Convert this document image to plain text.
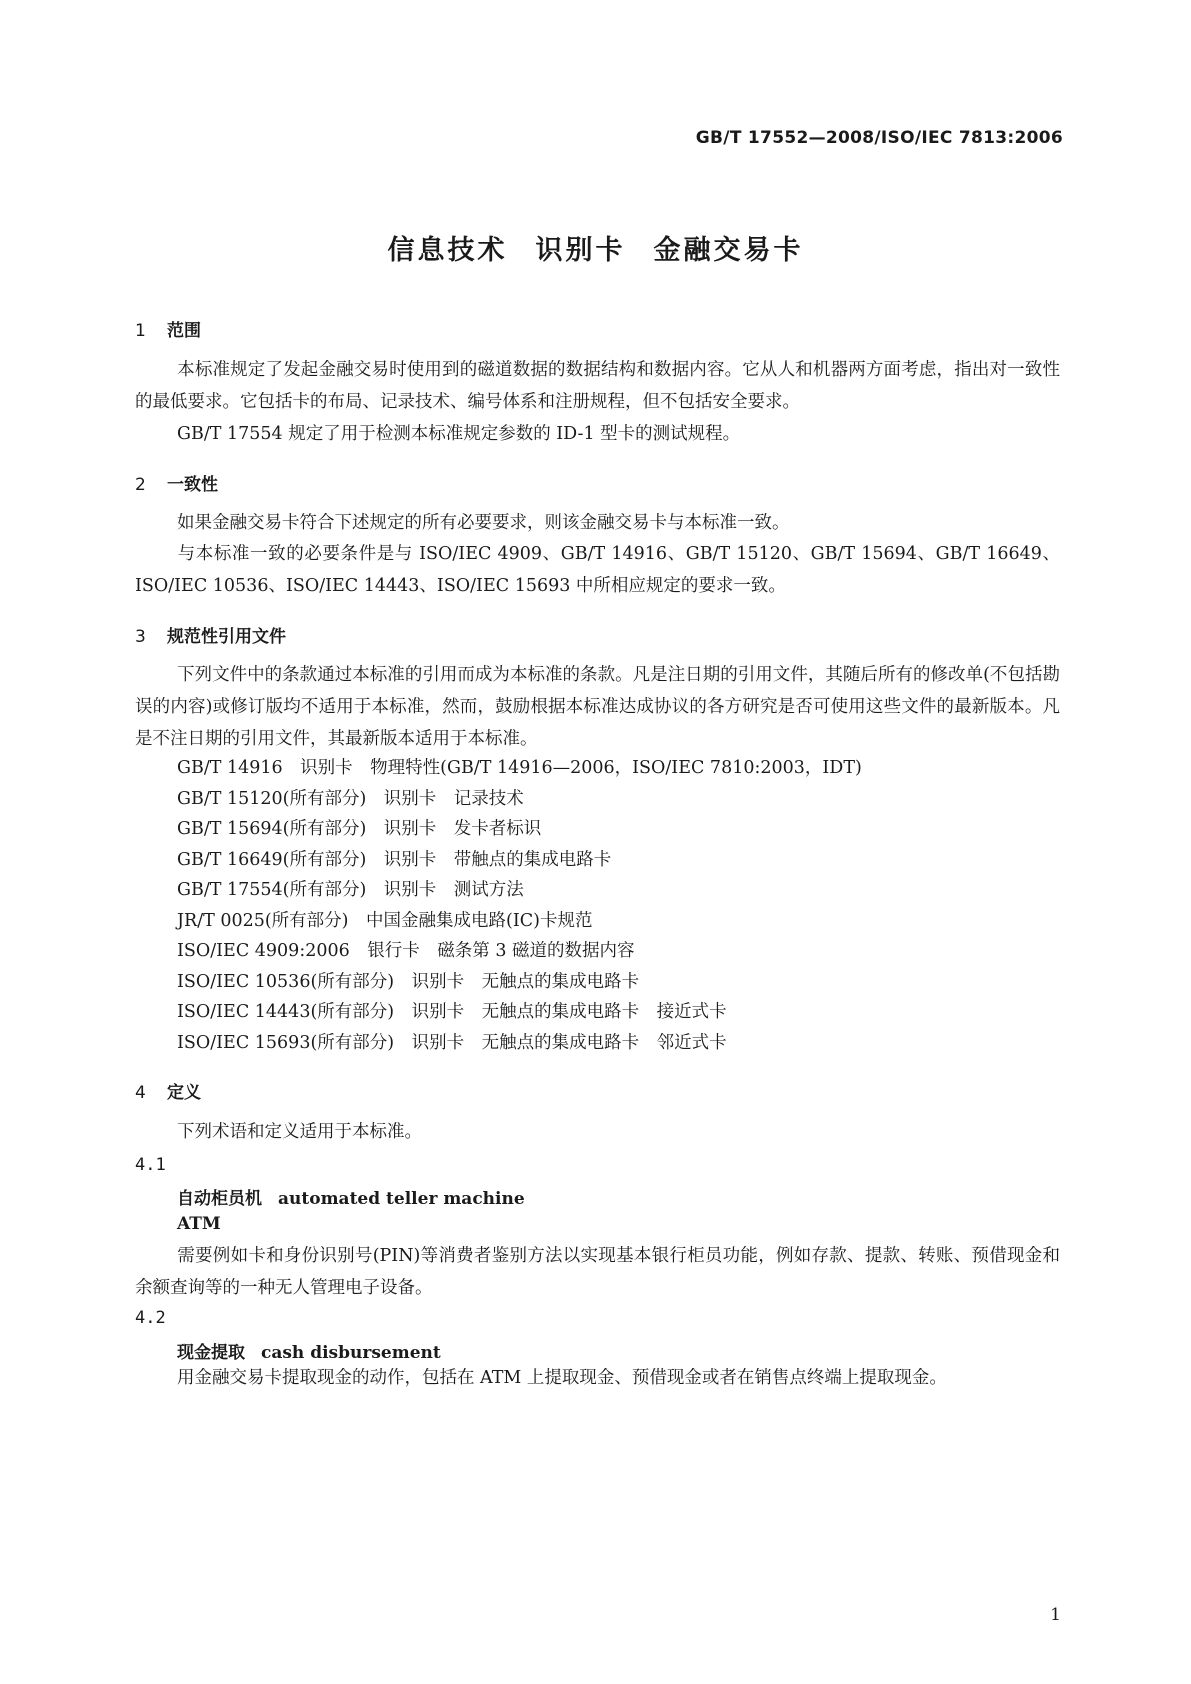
GB/T 17552—2008/ISO/IEC 7813:2006
信息技术 识别卡 金融交易卡
1 范围
本标准规定了发起金融交易时使用到的磁道数据的数据结构和数据内容。它从人和机器两方面考虑，指出对一致性的最低要求。它包括卡的布局、记录技术、编号体系和注册规程，但不包括安全要求。
GB/T 17554 规定了用于检测本标准规定参数的 ID-1 型卡的测试规程。
2 一致性
如果金融交易卡符合下述规定的所有必要要求，则该金融交易卡与本标准一致。
与本标准一致的必要条件是与 ISO/IEC 4909、GB/T 14916、GB/T 15120、GB/T 15694、GB/T 16649、ISO/IEC 10536、ISO/IEC 14443、ISO/IEC 15693 中所相应规定的要求一致。
3 规范性引用文件
下列文件中的条款通过本标准的引用而成为本标准的条款。凡是注日期的引用文件，其随后所有的修改单(不包括勘误的内容)或修订版均不适用于本标准，然而，鼓励根据本标准达成协议的各方研究是否可使用这些文件的最新版本。凡是不注日期的引用文件，其最新版本适用于本标准。
GB/T 14916　识别卡　物理特性(GB/T 14916—2006，ISO/IEC 7810:2003，IDT)
GB/T 15120(所有部分)　识别卡　记录技术
GB/T 15694(所有部分)　识别卡　发卡者标识
GB/T 16649(所有部分)　识别卡　带触点的集成电路卡
GB/T 17554(所有部分)　识别卡　测试方法
JR/T 0025(所有部分)　中国金融集成电路(IC)卡规范
ISO/IEC 4909:2006　银行卡　磁条第 3 磁道的数据内容
ISO/IEC 10536(所有部分)　识别卡　无触点的集成电路卡
ISO/IEC 14443(所有部分)　识别卡　无触点的集成电路卡　接近式卡
ISO/IEC 15693(所有部分)　识别卡　无触点的集成电路卡　邻近式卡
4 定义
下列术语和定义适用于本标准。
4.1
自动柜员机 automated teller machine
ATM
需要例如卡和身份识别号(PIN)等消费者鉴别方法以实现基本银行柜员功能，例如存款、提款、转账、预借现金和余额查询等的一种无人管理电子设备。
4.2
现金提取 cash disbursement
用金融交易卡提取现金的动作，包括在 ATM 上提取现金、预借现金或者在销售点终端上提取现金。
1
